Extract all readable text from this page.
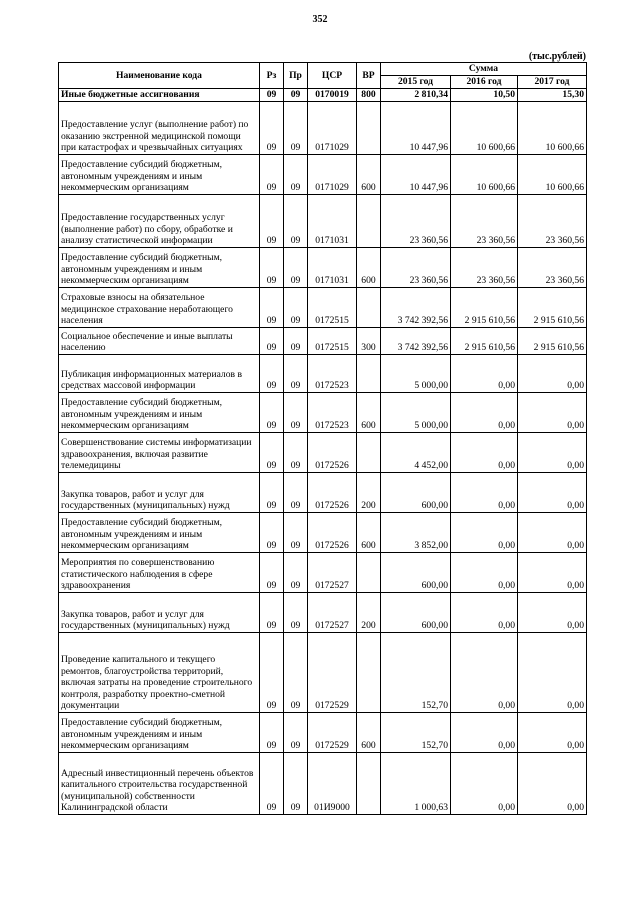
352
(тыс.рублей)
Наименование кода	Рз	Пр	ЦСР	ВР	Сумма		
					2015 год	2016 год	2017 год
Иные бюджетные ассигнования	09	09	0170019	800	2 810,34	10,50	15,30
Предоставление услуг (выполнение работ) по оказанию экстренной медицинской помощи при катастрофах и чрезвычайных ситуациях	09	09	0171029		10 447,96	10 600,66	10 600,66
Предоставление субсидий бюджетным, автономным учреждениям и иным некоммерческим организациям	09	09	0171029	600	10 447,96	10 600,66	10 600,66
Предоставление государственных услуг (выполнение работ) по сбору, обработке и анализу статистической информации	09	09	0171031		23 360,56	23 360,56	23 360,56
Предоставление субсидий бюджетным, автономным учреждениям и иным некоммерческим организациям	09	09	0171031	600	23 360,56	23 360,56	23 360,56
Страховые взносы на обязательное медицинское страхование неработающего населения	09	09	0172515		3 742 392,56	2 915 610,56	2 915 610,56
Социальное обеспечение и иные выплаты населению	09	09	0172515	300	3 742 392,56	2 915 610,56	2 915 610,56
Публикация информационных материалов в средствах массовой информации	09	09	0172523		5 000,00	0,00	0,00
Предоставление субсидий бюджетным, автономным учреждениям и иным некоммерческим организациям	09	09	0172523	600	5 000,00	0,00	0,00
Совершенствование системы информатизации здравоохранения, включая развитие телемедицины	09	09	0172526		4 452,00	0,00	0,00
Закупка товаров, работ и услуг для государственных (муниципальных) нужд	09	09	0172526	200	600,00	0,00	0,00
Предоставление субсидий бюджетным, автономным учреждениям и иным некоммерческим организациям	09	09	0172526	600	3 852,00	0,00	0,00
Мероприятия по совершенствованию статистического наблюдения в сфере здравоохранения	09	09	0172527		600,00	0,00	0,00
Закупка товаров, работ и услуг для государственных (муниципальных) нужд	09	09	0172527	200	600,00	0,00	0,00
Проведение капитального и текущего ремонтов, благоустройства территорий, включая затраты на проведение строительного контроля, разработку проектно-сметной документации	09	09	0172529		152,70	0,00	0,00
Предоставление субсидий бюджетным, автономным учреждениям и иным некоммерческим организациям	09	09	0172529	600	152,70	0,00	0,00
Адресный инвестиционный перечень объектов капитального строительства государственной (муниципальной) собственности Калининградской области	09	09	01И9000		1 000,63	0,00	0,00
